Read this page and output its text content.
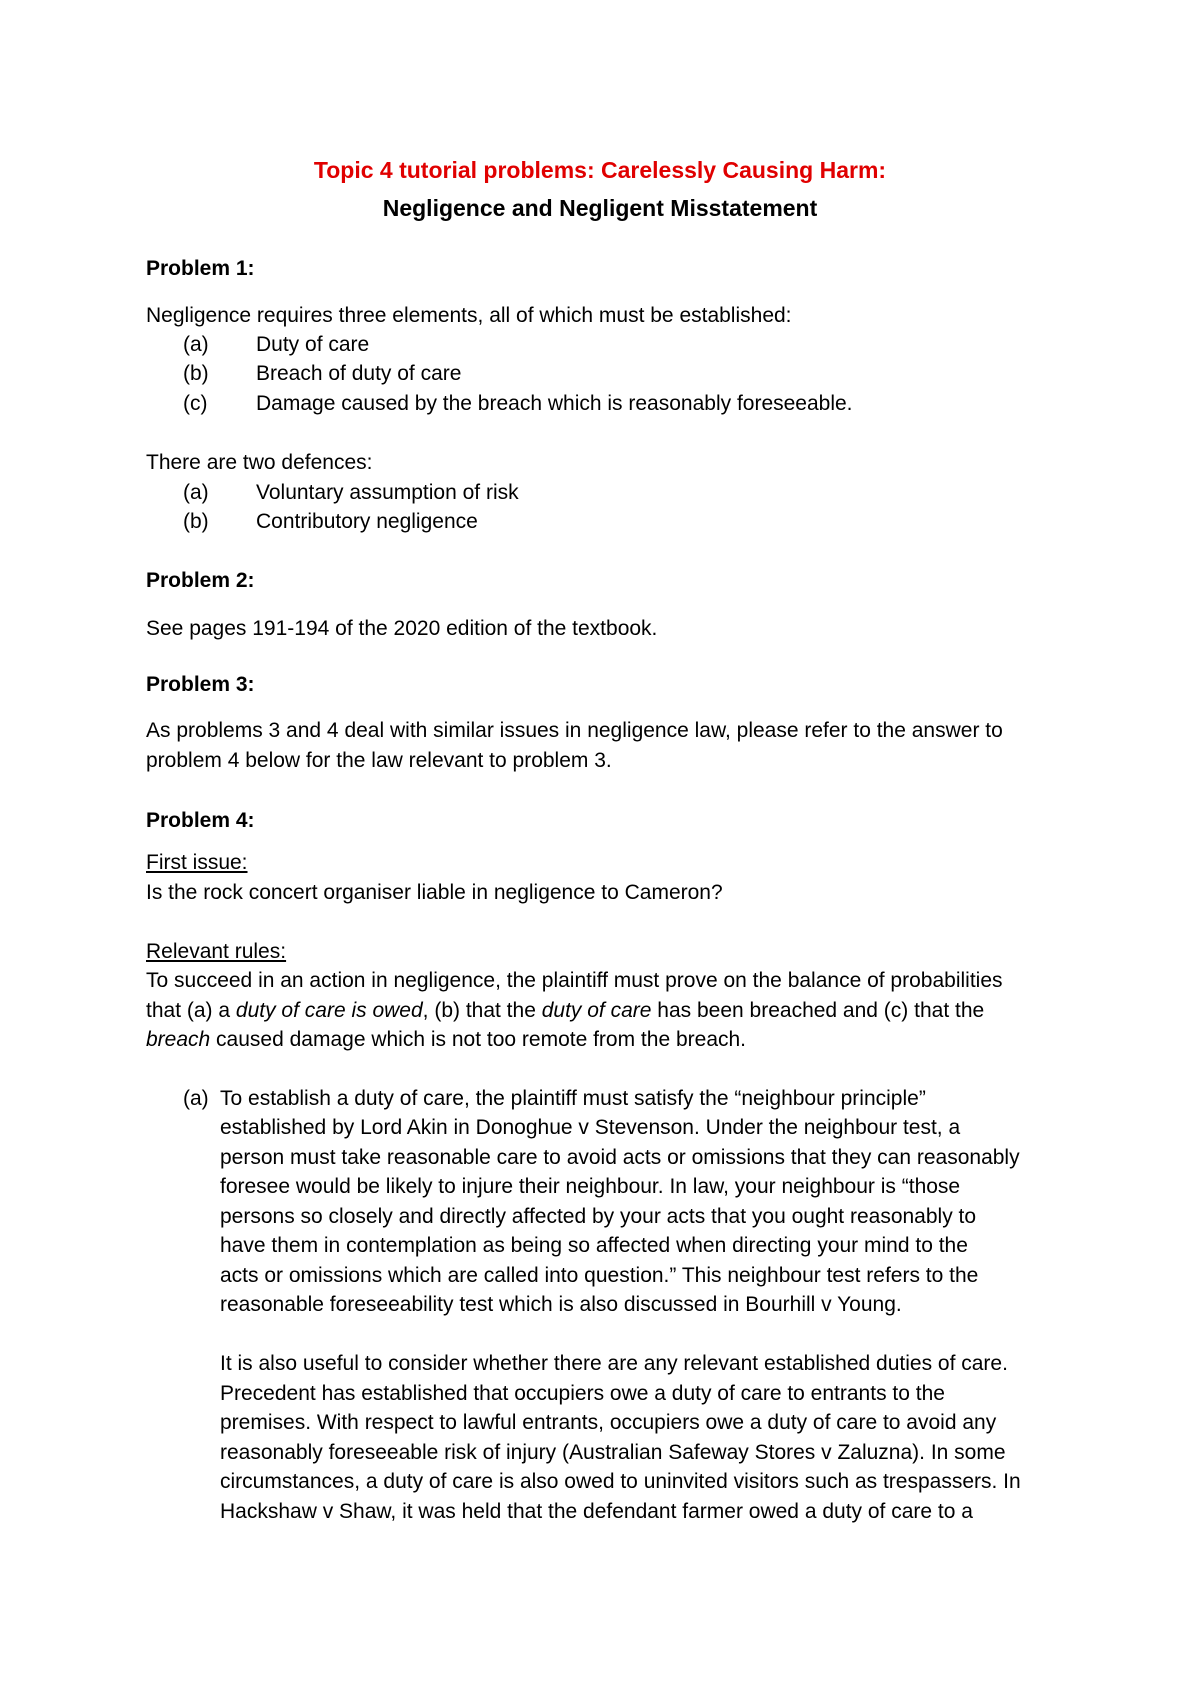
Topic 4 tutorial problems: Carelessly Causing Harm:
Negligence and Negligent Misstatement
Problem 1:
Negligence requires three elements, all of which must be established:
(a) Duty of care
(b) Breach of duty of care
(c) Damage caused by the breach which is reasonably foreseeable.
There are two defences:
(a) Voluntary assumption of risk
(b) Contributory negligence
Problem 2:
See pages 191-194 of the 2020 edition of the textbook.
Problem 3:
As problems 3 and 4 deal with similar issues in negligence law, please refer to the answer to
problem 4 below for the law relevant to problem 3.
Problem 4:
First issue:
Is the rock concert organiser liable in negligence to Cameron?
Relevant rules:
To succeed in an action in negligence, the plaintiff must prove on the balance of probabilities
that (a) a duty of care is owed, (b) that the duty of care has been breached and (c) that the
breach caused damage which is not too remote from the breach.
(a) To establish a duty of care, the plaintiff must satisfy the “neighbour principle”
established by Lord Akin in Donoghue v Stevenson. Under the neighbour test, a
person must take reasonable care to avoid acts or omissions that they can reasonably
foresee would be likely to injure their neighbour. In law, your neighbour is “those
persons so closely and directly affected by your acts that you ought reasonably to
have them in contemplation as being so affected when directing your mind to the
acts or omissions which are called into question.” This neighbour test refers to the
reasonable foreseeability test which is also discussed in Bourhill v Young.
It is also useful to consider whether there are any relevant established duties of care.
Precedent has established that occupiers owe a duty of care to entrants to the
premises. With respect to lawful entrants, occupiers owe a duty of care to avoid any
reasonably foreseeable risk of injury (Australian Safeway Stores v Zaluzna). In some
circumstances, a duty of care is also owed to uninvited visitors such as trespassers. In
Hackshaw v Shaw, it was held that the defendant farmer owed a duty of care to a
